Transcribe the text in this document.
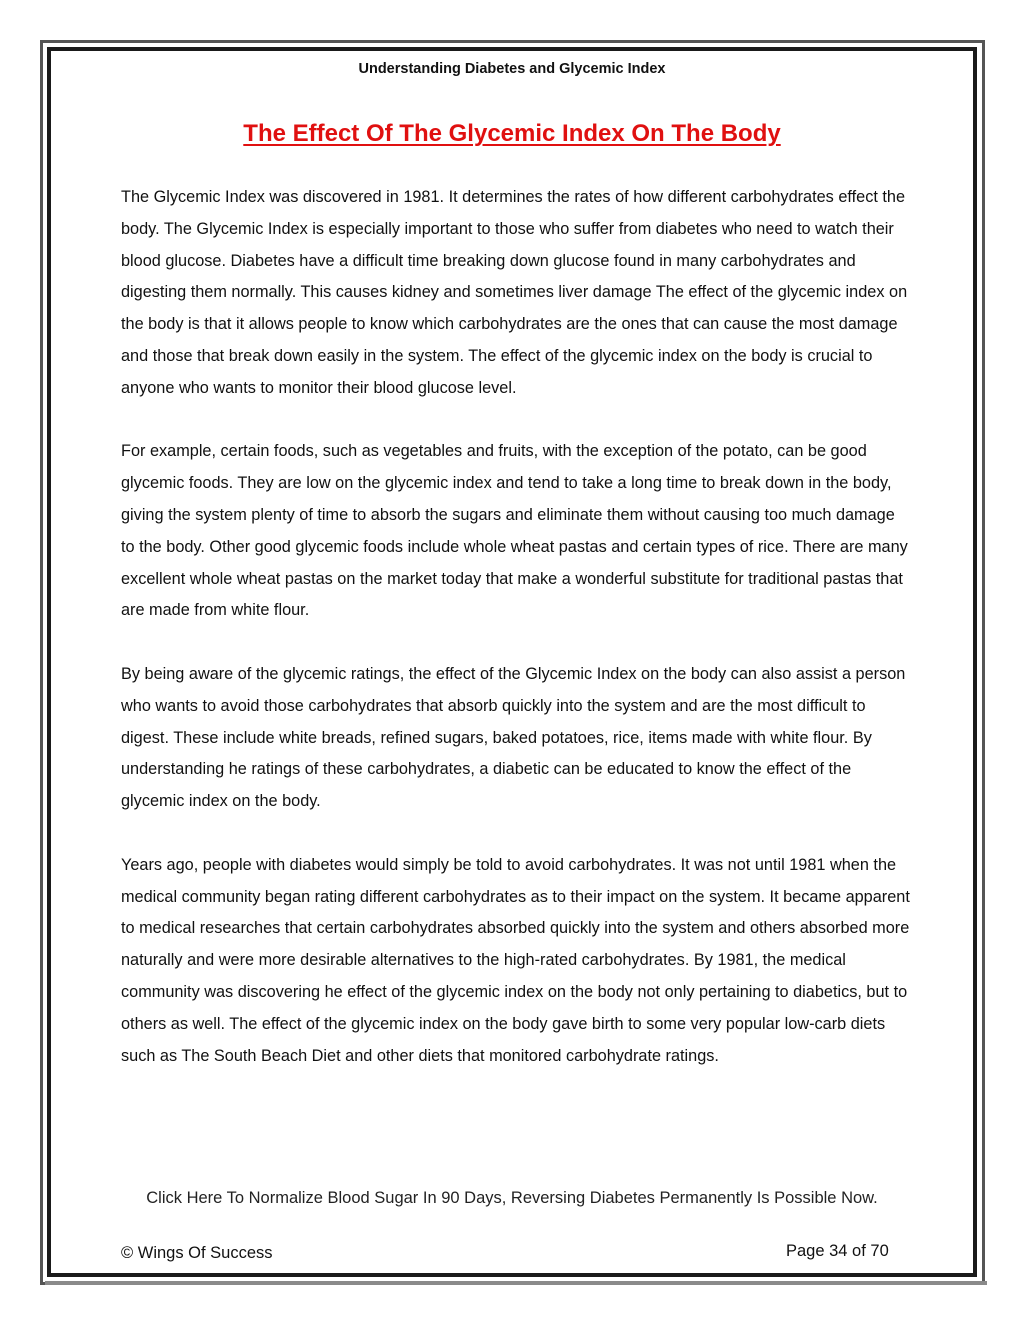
Understanding Diabetes and Glycemic Index
The Effect Of The Glycemic Index On The Body

The Glycemic Index was discovered in 1981. It determines the rates of how different carbohydrates effect the body. The Glycemic Index is especially important to those who suffer from diabetes who need to watch their blood glucose. Diabetes have a difficult time breaking down glucose found in many carbohydrates and digesting them normally. This causes kidney and sometimes liver damage The effect of the glycemic index on the body is that it allows people to know which carbohydrates are the ones that can cause the most damage and those that break down easily in the system. The effect of the glycemic index on the body is crucial to anyone who wants to monitor their blood glucose level.

For example, certain foods, such as vegetables and fruits, with the exception of the potato, can be good glycemic foods. They are low on the glycemic index and tend to take a long time to break down in the body, giving the system plenty of time to absorb the sugars and eliminate them without causing too much damage to the body. Other good glycemic foods include whole wheat pastas and certain types of rice. There are many excellent whole wheat pastas on the market today that make a wonderful substitute for traditional pastas that are made from white flour.

By being aware of the glycemic ratings, the effect of the Glycemic Index on the body can also assist a person who wants to avoid those carbohydrates that absorb quickly into the system and are the most difficult to digest. These include white breads, refined sugars, baked potatoes, rice, items made with white flour. By understanding he ratings of these carbohydrates, a diabetic can be educated to know the effect of the glycemic index on the body.

Years ago, people with diabetes would simply be told to avoid carbohydrates. It was not until 1981 when the medical community began rating different carbohydrates as to their impact on the system. It became apparent to medical researches that certain carbohydrates absorbed quickly into the system and others absorbed more naturally and were more desirable alternatives to the high-rated carbohydrates. By 1981, the medical community was discovering he effect of the glycemic index on the body not only pertaining to diabetics, but to others as well. The effect of the glycemic index on the body gave birth to some very popular low-carb diets such as The South Beach Diet and other diets that monitored carbohydrate ratings.

Click Here To Normalize Blood Sugar In 90 Days, Reversing Diabetes Permanently Is Possible Now.
© Wings Of Success	Page 34 of 70
